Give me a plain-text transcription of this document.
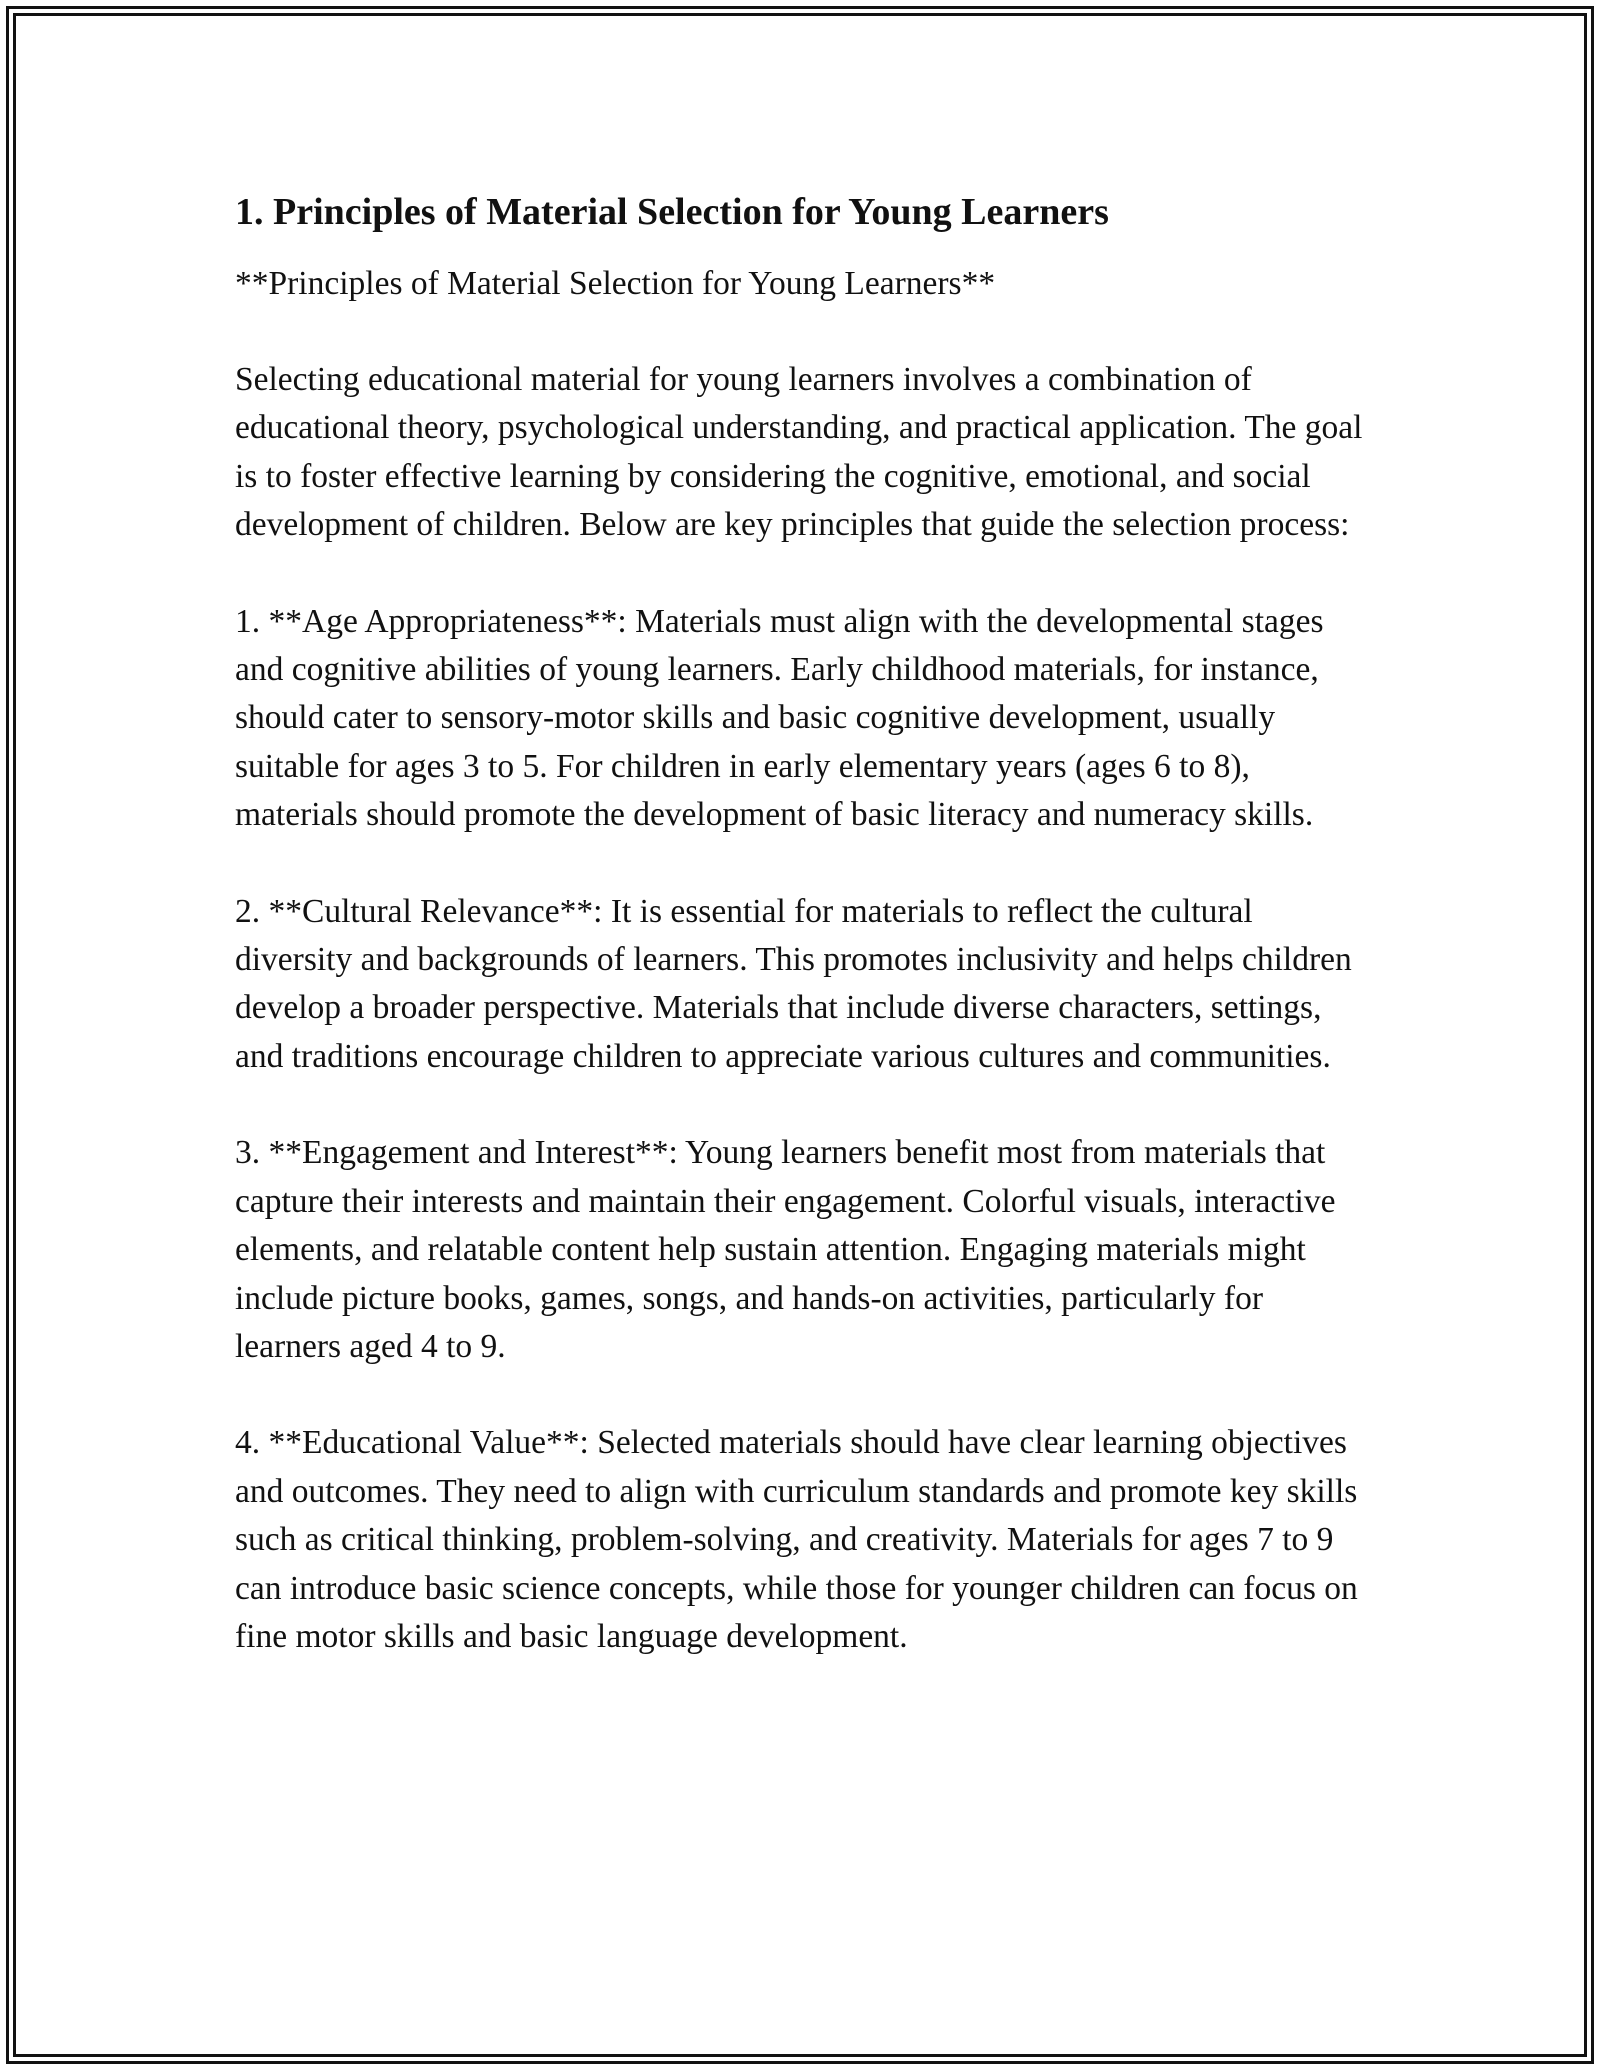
1. Principles of Material Selection for Young Learners

**Principles of Material Selection for Young Learners**

Selecting educational material for young learners involves a combination of educational theory, psychological understanding, and practical application. The goal is to foster effective learning by considering the cognitive, emotional, and social development of children. Below are key principles that guide the selection process:

1. **Age Appropriateness**: Materials must align with the developmental stages and cognitive abilities of young learners. Early childhood materials, for instance, should cater to sensory-motor skills and basic cognitive development, usually suitable for ages 3 to 5. For children in early elementary years (ages 6 to 8), materials should promote the development of basic literacy and numeracy skills.

2. **Cultural Relevance**: It is essential for materials to reflect the cultural diversity and backgrounds of learners. This promotes inclusivity and helps children develop a broader perspective. Materials that include diverse characters, settings, and traditions encourage children to appreciate various cultures and communities.

3. **Engagement and Interest**: Young learners benefit most from materials that capture their interests and maintain their engagement. Colorful visuals, interactive elements, and relatable content help sustain attention. Engaging materials might include picture books, games, songs, and hands-on activities, particularly for learners aged 4 to 9.

4. **Educational Value**: Selected materials should have clear learning objectives and outcomes. They need to align with curriculum standards and promote key skills such as critical thinking, problem-solving, and creativity. Materials for ages 7 to 9 can introduce basic science concepts, while those for younger children can focus on fine motor skills and basic language development.
